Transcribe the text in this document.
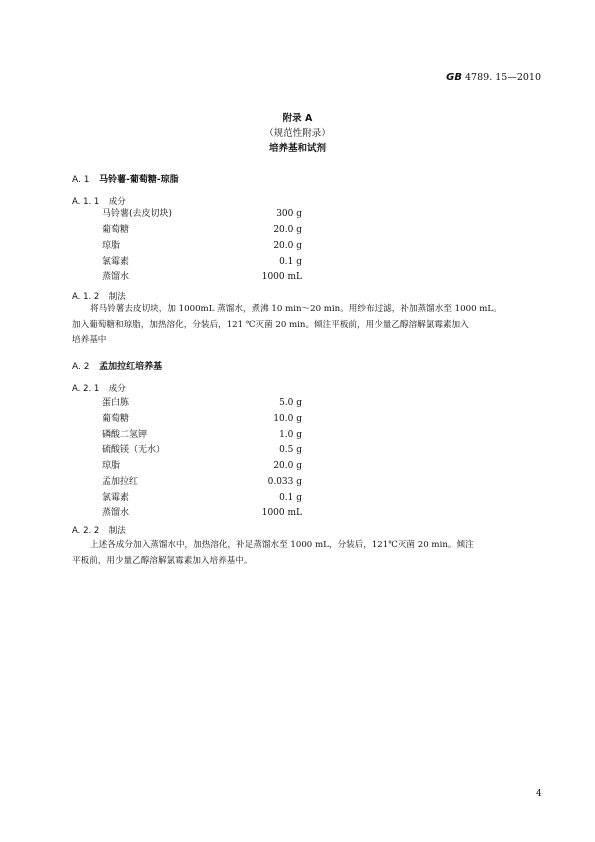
GB 4789. 15—2010
附录 A
（规范性附录）
培养基和试剂
A. 1 马铃薯-葡萄糖-琼脂
A. 1. 1 成分
马铃薯(去皮切块)	300 g
葡萄糖	20.0 g
琼脂	20.0 g
氯霉素	0.1 g
蒸馏水	1000 mL
A. 1. 2 制法
将马铃薯去皮切块，加 1000mL 蒸馏水，煮沸 10 min～20 min。用纱布过滤，补加蒸馏水至 1000 mL。
加入葡萄糖和琼脂，加热溶化，分装后，121 ℃灭菌 20 min。倾注平板前，用少量乙醇溶解氯霉素加入
培养基中
A. 2 孟加拉红培养基
A. 2. 1 成分
蛋白胨	5.0 g
葡萄糖	10.0 g
磷酸二氢钾	1.0 g
硫酸镁（无水）	0.5 g
琼脂	20.0 g
孟加拉红	0.033 g
氯霉素	0.1 g
蒸馏水	1000 mL
A. 2. 2 制法
上述各成分加入蒸馏水中，加热溶化，补足蒸馏水至 1000 mL，分装后，121℃灭菌 20 min。倾注
平板前，用少量乙醇溶解氯霉素加入培养基中。
4
